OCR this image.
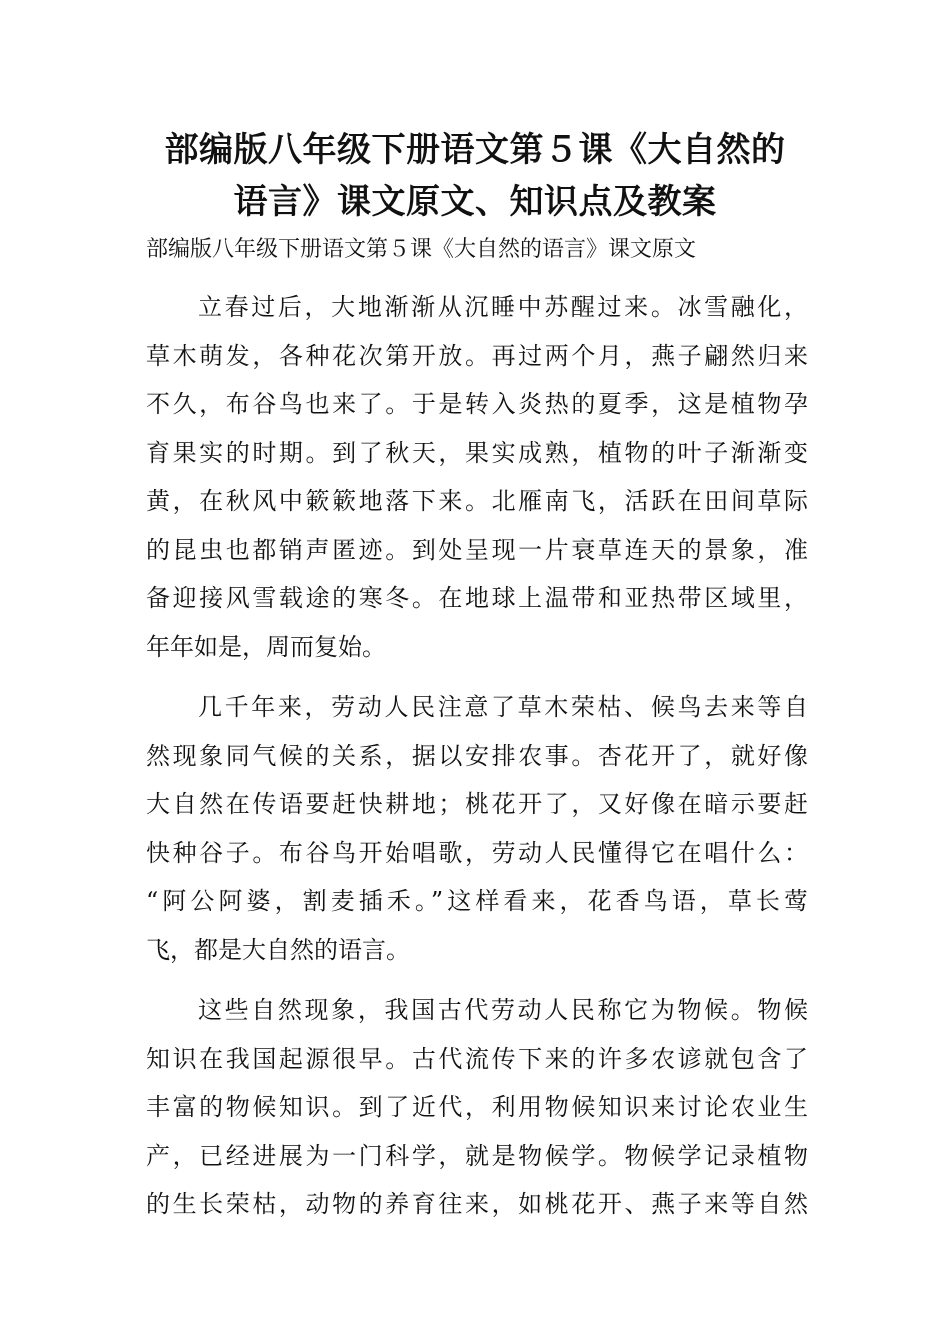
部编版八年级下册语文第５课《大自然的
语言》课文原文、知识点及教案
部编版八年级下册语文第５课《大自然的语言》课文原文
立春过后，大地渐渐从沉睡中苏醒过来。冰雪融化，
草木萌发，各种花次第开放。再过两个月，燕子翩然归来
不久，布谷鸟也来了。于是转入炎热的夏季，这是植物孕
育果实的时期。到了秋天，果实成熟，植物的叶子渐渐变
黄，在秋风中簌簌地落下来。北雁南飞，活跃在田间草际
的昆虫也都销声匿迹。到处呈现一片衰草连天的景象，准
备迎接风雪载途的寒冬。在地球上温带和亚热带区域里，
年年如是，周而复始。
几千年来，劳动人民注意了草木荣枯、候鸟去来等自
然现象同气候的关系，据以安排农事。杏花开了，就好像
大自然在传语要赶快耕地；桃花开了，又好像在暗示要赶
快种谷子。布谷鸟开始唱歌，劳动人民懂得它在唱什么：
“阿公阿婆，割麦插禾。”这样看来，花香鸟语，草长莺
飞，都是大自然的语言。
这些自然现象，我国古代劳动人民称它为物候。物候
知识在我国起源很早。古代流传下来的许多农谚就包含了
丰富的物候知识。到了近代，利用物候知识来讨论农业生
产，已经进展为一门科学，就是物候学。物候学记录植物
的生长荣枯，动物的养育往来，如桃花开、燕子来等自然
